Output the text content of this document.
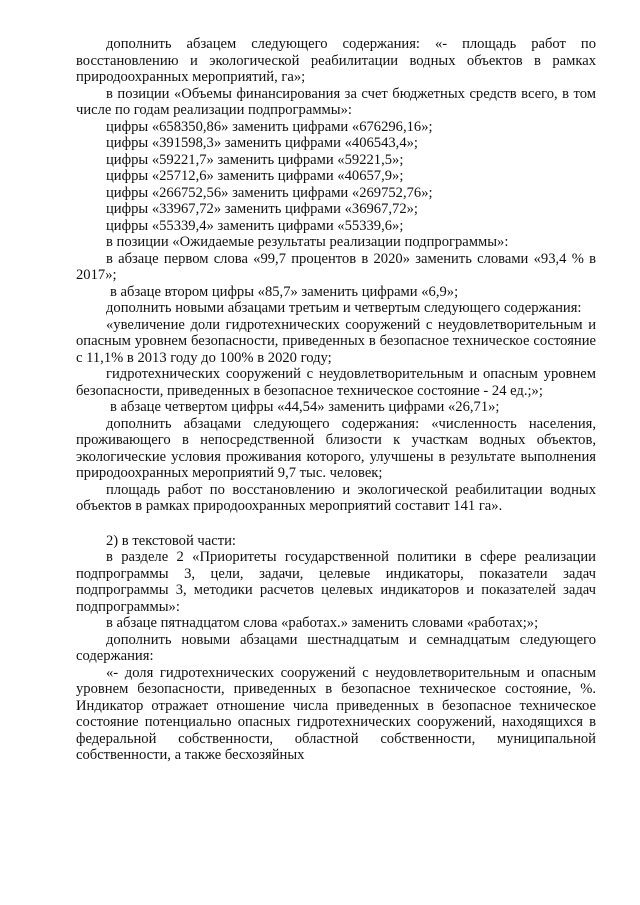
дополнить абзацем следующего содержания: «- площадь работ по восстановлению и экологической реабилитации водных объектов в рамках природоохранных мероприятий, га»;

в позиции «Объемы финансирования за счет бюджетных средств всего, в том числе по годам реализации подпрограммы»:

цифры «658350,86» заменить цифрами «676296,16»;

цифры «391598,3» заменить цифрами «406543,4»;

цифры «59221,7» заменить цифрами «59221,5»;

цифры «25712,6» заменить цифрами «40657,9»;

цифры «266752,56» заменить цифрами «269752,76»;

цифры «33967,72» заменить цифрами «36967,72»;

цифры «55339,4» заменить цифрами «55339,6»;

в позиции «Ожидаемые результаты реализации подпрограммы»:

в абзаце первом слова «99,7 процентов в 2020» заменить словами «93,4 % в 2017»;

в абзаце втором цифры «85,7» заменить цифрами «6,9»;

дополнить новыми абзацами третьим и четвертым следующего содержания:

«увеличение доли гидротехнических сооружений с неудовлетворительным и опасным уровнем безопасности, приведенных в безопасное техническое состояние с 11,1% в 2013 году до 100% в 2020 году;

гидротехнических сооружений с неудовлетворительным и опасным уровнем безопасности, приведенных в безопасное техническое состояние - 24 ед.;»;

в абзаце четвертом цифры «44,54» заменить цифрами «26,71»;

дополнить абзацами следующего содержания: «численность населения, проживающего в непосредственной близости к участкам водных объектов, экологические условия проживания которого, улучшены в результате выполнения природоохранных мероприятий 9,7 тыс. человек;

площадь работ по восстановлению и экологической реабилитации водных объектов в рамках природоохранных мероприятий составит 141 га».

2) в текстовой части:

в разделе 2 «Приоритеты государственной политики в сфере реализации подпрограммы 3, цели, задачи, целевые индикаторы, показатели задач подпрограммы 3, методики расчетов целевых индикаторов и показателей задач подпрограммы»:

в абзаце пятнадцатом слова «работах.» заменить словами «работах;»;

дополнить новыми абзацами шестнадцатым и семнадцатым следующего содержания:

«- доля гидротехнических сооружений с неудовлетворительным и опасным уровнем безопасности, приведенных в безопасное техническое состояние, %. Индикатор отражает отношение числа приведенных в безопасное техническое состояние потенциально опасных гидротехнических сооружений, находящихся в федеральной собственности, областной собственности, муниципальной собственности, а также бесхозяйных
